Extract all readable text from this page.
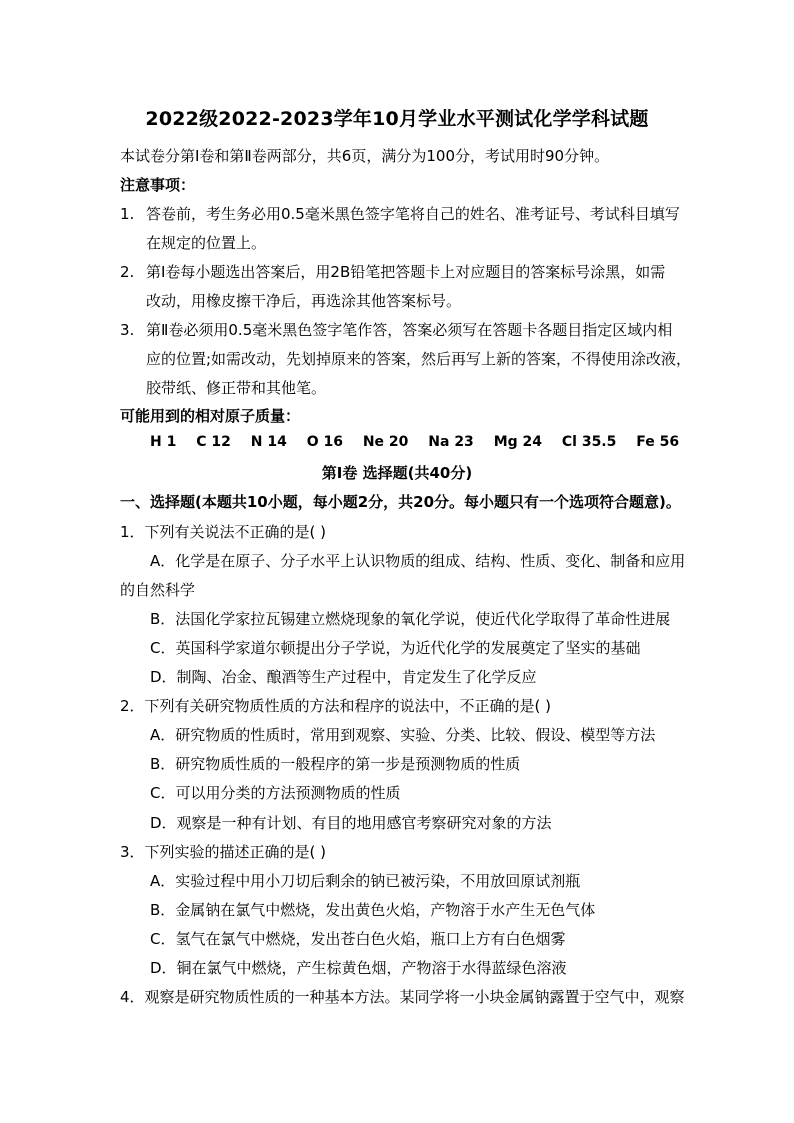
2022级2022-2023学年10月学业水平测试化学学科试题
本试卷分第Ⅰ卷和第Ⅱ卷两部分，共6页，满分为100分，考试用时90分钟。
注意事项：
1. 答卷前，考生务必用0.5毫米黑色签字笔将自己的姓名、准考证号、考试科目填写
在规定的位置上。
2. 第Ⅰ卷每小题选出答案后，用2B铅笔把答题卡上对应题目的答案标号涂黑，如需
改动，用橡皮擦干净后，再选涂其他答案标号。
3. 第Ⅱ卷必须用0.5毫米黑色签字笔作答，答案必须写在答题卡各题目指定区域内相
应的位置;如需改动，先划掉原来的答案，然后再写上新的答案，不得使用涂改液，
胶带纸、修正带和其他笔。
可能用到的相对原子质量：
H 1 C 12 N 14 O 16 Ne 20 Na 23 Mg 24 Cl 35.5 Fe 56
第Ⅰ卷 选择题(共40分)
一、选择题(本题共10小题，每小题2分，共20分。每小题只有一个选项符合题意)。
1．下列有关说法不正确的是( )
A．化学是在原子、分子水平上认识物质的组成、结构、性质、变化、制备和应用
的自然科学
B．法国化学家拉瓦锡建立燃烧现象的氧化学说，使近代化学取得了革命性进展
C．英国科学家道尔顿提出分子学说，为近代化学的发展奠定了坚实的基础
D．制陶、冶金、酿酒等生产过程中，肯定发生了化学反应
2．下列有关研究物质性质的方法和程序的说法中，不正确的是( )
A．研究物质的性质时，常用到观察、实验、分类、比较、假设、模型等方法
B．研究物质性质的一般程序的第一步是预测物质的性质
C．可以用分类的方法预测物质的性质
D．观察是一种有计划、有目的地用感官考察研究对象的方法
3．下列实验的描述正确的是( )
A．实验过程中用小刀切后剩余的钠已被污染，不用放回原试剂瓶
B．金属钠在氯气中燃烧，发出黄色火焰，产物溶于水产生无色气体
C．氢气在氯气中燃烧，发出苍白色火焰，瓶口上方有白色烟雾
D．铜在氯气中燃烧，产生棕黄色烟，产物溶于水得蓝绿色溶液
4．观察是研究物质性质的一种基本方法。某同学将一小块金属钠露置于空气中，观察
